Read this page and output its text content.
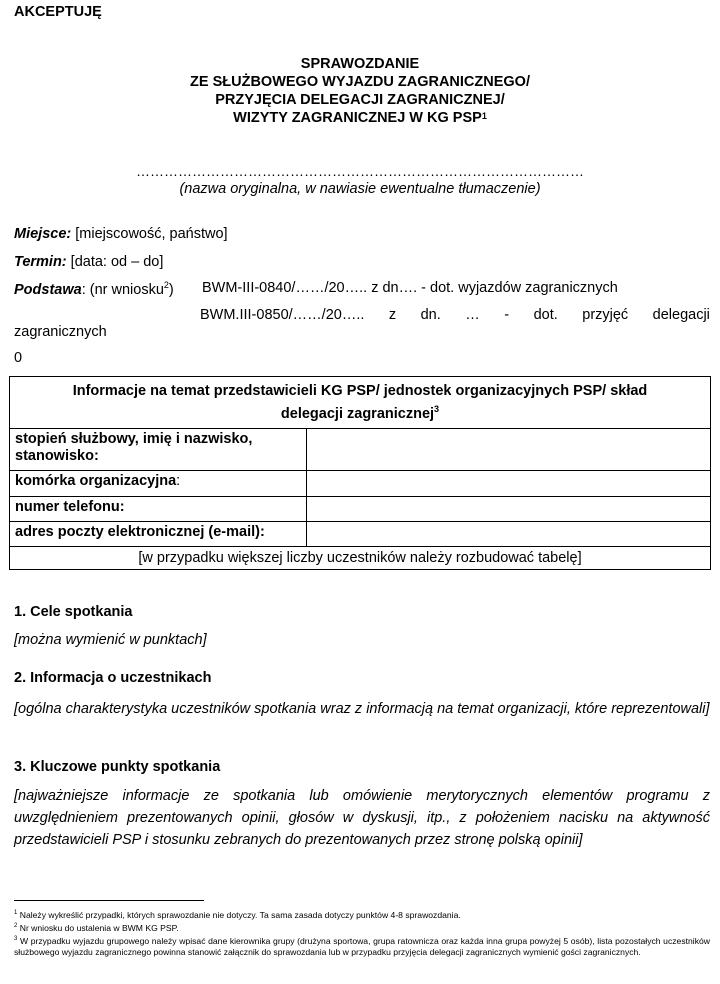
AKCEPTUJĘ
SPRAWOZDANIE
ZE SŁUŻBOWEGO WYJAZDU ZAGRANICZNEGO/
PRZYJĘCIA DELEGACJI ZAGRANICZNEJ/
WIZYTY ZAGRANICZNEJ W KG PSP$^1$
……………………………………………………………………………………
(nazwa oryginalna, w nawiasie ewentualne tłumaczenie)
Miejsce: [miejscowość, państwo]
Termin: [data: od – do]
Podstawa: (nr wniosku$^2$) BWM-III-0840/……/20….. z dn…. - dot. wyjazdów zagranicznych
BWM.III-0850/……/20….. z dn. … - dot. przyjęć delegacji
zagranicznych
0
Informacje na temat przedstawicieli KG PSP/ jednostek organizacyjnych PSP/ skład
delegacji zagranicznej$^3$

stopień służbowy, imię i nazwisko, stanowisko:	
komórka organizacyjna:	
numer telefonu:	
adres poczty elektronicznej (e-mail):	
[w przypadku większej liczby uczestników należy rozbudować tabelę]	
1. Cele spotkania
[można wymienić w punktach]
2. Informacja o uczestnikach
[ogólna charakterystyka uczestników spotkania wraz z informacją na temat organizacji, które reprezentowali]
3. Kluczowe punkty spotkania
[najważniejsze informacje ze spotkania lub omówienie merytorycznych elementów programu z uwzględnieniem prezentowanych opinii, głosów w dyskusji, itp., z położeniem nacisku na aktywność przedstawicieli PSP i stosunku zebranych do prezentowanych przez stronę polską opinii]
$^1$ Należy wykreślić przypadki, których sprawozdanie nie dotyczy. Ta sama zasada dotyczy punktów 4-8 sprawozdania.
$^2$ Nr wniosku do ustalenia w BWM KG PSP.
$^3$ W przypadku wyjazdu grupowego należy wpisać dane kierownika grupy (drużyna sportowa, grupa ratownicza oraz każda inna grupa powyżej 5 osób), lista pozostałych uczestników służbowego wyjazdu zagranicznego powinna stanowić załącznik do sprawozdania lub w przypadku przyjęcia delegacji zagranicznych wymienić gości zagranicznych.
